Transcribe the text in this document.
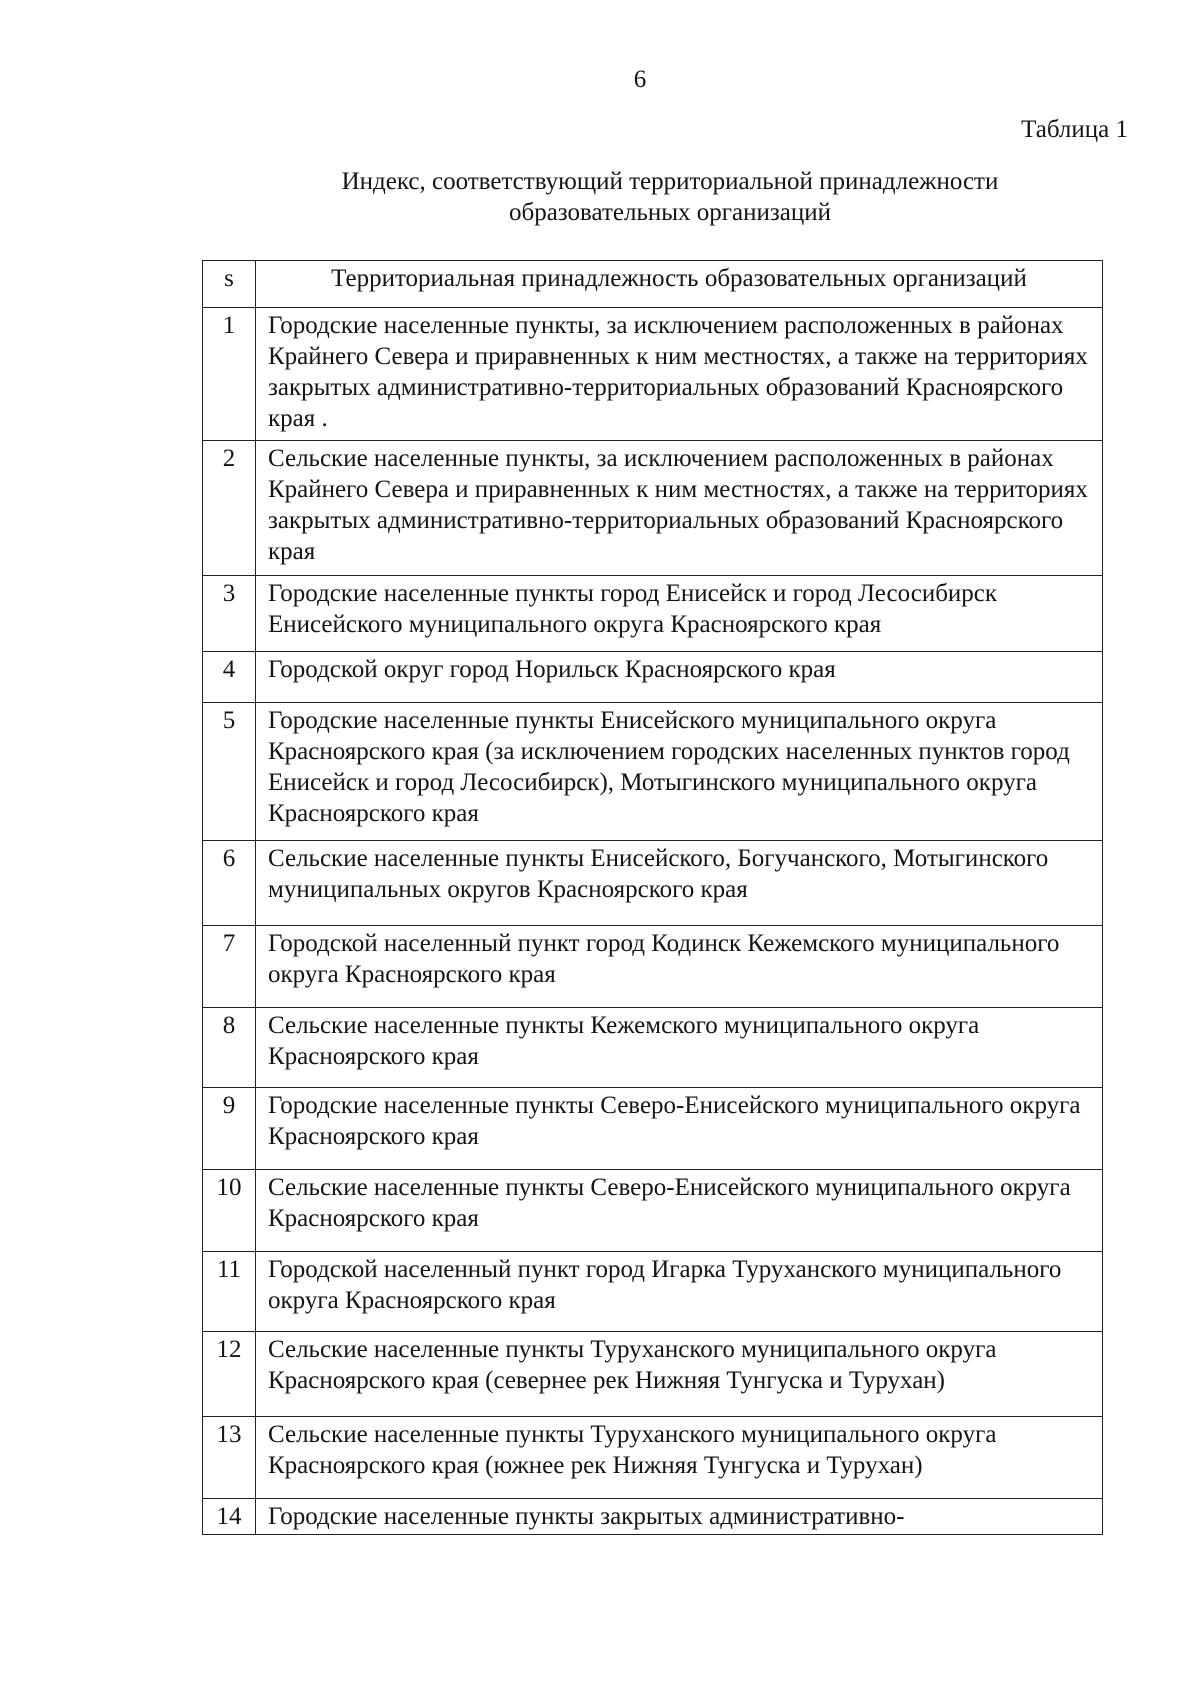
6
Таблица 1
Индекс, соответствующий территориальной принадлежности
образовательных организаций
s	Территориальная принадлежность образовательных организаций
1	Городские населенные пункты, за исключением расположенных в районах Крайнего Севера и приравненных к ним местностях, а также на территориях закрытых административно-территориальных образований Красноярского края .
2	Сельские населенные пункты, за исключением расположенных в районах Крайнего Севера и приравненных к ним местностях, а также на территориях закрытых административно-территориальных образований Красноярского края
3	Городские населенные пункты город Енисейск и город Лесосибирск Енисейского муниципального округа Красноярского края
4	Городской округ город Норильск Красноярского края
5	Городские населенные пункты Енисейского муниципального округа Красноярского края (за исключением городских населенных пунктов город Енисейск и город Лесосибирск), Мотыгинского муниципального округа Красноярского края
6	Сельские населенные пункты Енисейского, Богучанского, Мотыгинского муниципальных округов Красноярского края
7	Городской населенный пункт город Кодинск Кежемского муниципального округа Красноярского края
8	Сельские населенные пункты Кежемского муниципального округа Красноярского края
9	Городские населенные пункты Северо-Енисейского муниципального округа Красноярского края
10	Сельские населенные пункты Северо-Енисейского муниципального округа Красноярского края
11	Городской населенный пункт город Игарка Туруханского муниципального округа Красноярского края
12	Сельские населенные пункты Туруханского муниципального округа Красноярского края (севернее рек Нижняя Тунгуска и Турухан)
13	Сельские населенные пункты Туруханского муниципального округа Красноярского края (южнее рек Нижняя Тунгуска и Турухан)
14	Городские населенные пункты закрытых административно-
